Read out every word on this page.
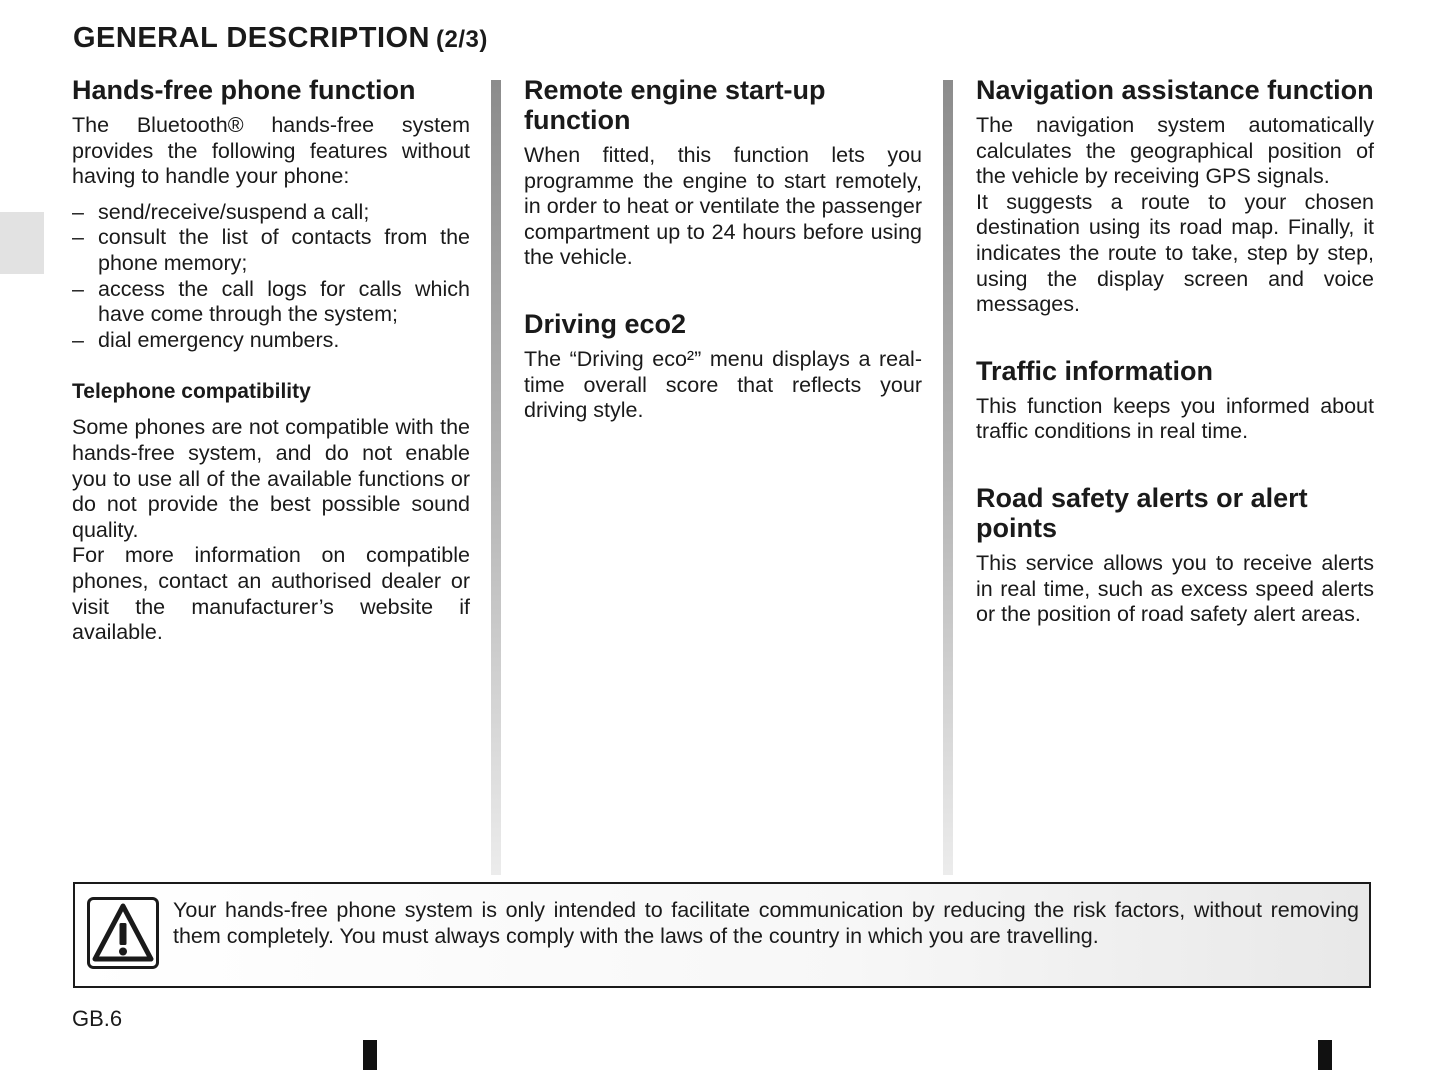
GENERAL DESCRIPTION (2/3)
Hands-free phone function

The Bluetooth® hands-free system provides the following features without having to handle your phone:

– send/receive/suspend a call;
– consult the list of contacts from the phone memory;
– access the call logs for calls which have come through the system;
– dial emergency numbers.
Telephone compatibility

Some phones are not compatible with the hands-free system, and do not enable you to use all of the available functions or do not provide the best possible sound quality.

For more information on compatible phones, contact an authorised dealer or visit the manufacturer’s website if available.

Remote engine start-up function

When fitted, this function lets you programme the engine to start remotely, in order to heat or ventilate the passenger compartment up to 24 hours before using the vehicle.

Driving eco2

The “Driving eco²” menu displays a real-time overall score that reflects your driving style.

Navigation assistance function

The navigation system automatically calculates the geographical position of the vehicle by receiving GPS signals.

It suggests a route to your chosen destination using its road map. Finally, it indicates the route to take, step by step, using the display screen and voice messages.

Traffic information

This function keeps you informed about traffic conditions in real time.

Road safety alerts or alert points

This service allows you to receive alerts in real time, such as excess speed alerts or the position of road safety alert areas.

Your hands-free phone system is only intended to facilitate communication by reducing the risk factors, without removing them completely. You must always comply with the laws of the country in which you are travelling.

GB.6
